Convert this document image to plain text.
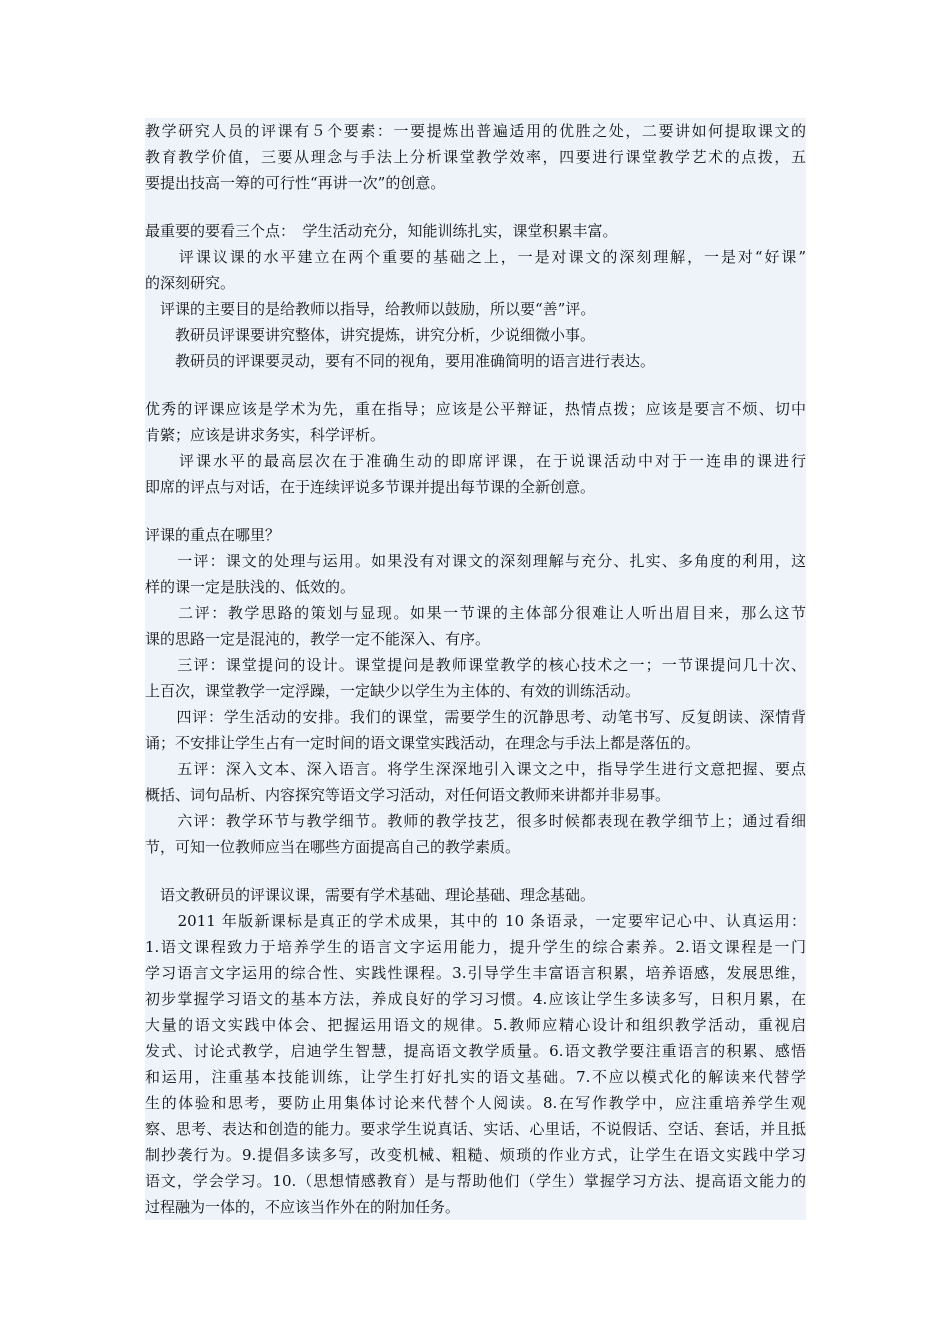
教学研究人员的评课有５个要素：一要提炼出普遍适用的优胜之处，二要讲如何提取课文的
教育教学价值，三要从理念与手法上分析课堂教学效率，四要进行课堂教学艺术的点拨，五
要提出技高一筹的可行性“再讲一次”的创意。
最重要的要看三个点：　学生活动充分，知能训练扎实，课堂积累丰富。
　　评课议课的水平建立在两个重要的基础之上，一是对课文的深刻理解，一是对“好课”
的深刻研究。
　评课的主要目的是给教师以指导，给教师以鼓励，所以要“善”评。
　　教研员评课要讲究整体，讲究提炼，讲究分析，少说细微小事。
　　教研员的评课要灵动，要有不同的视角，要用准确简明的语言进行表达。
优秀的评课应该是学术为先，重在指导；应该是公平辩证，热情点拨；应该是要言不烦、切中
肯綮；应该是讲求务实，科学评析。
　　评课水平的最高层次在于准确生动的即席评课，在于说课活动中对于一连串的课进行
即席的评点与对话，在于连续评说多节课并提出每节课的全新创意。
评课的重点在哪里？
　　一评：课文的处理与运用。如果没有对课文的深刻理解与充分、扎实、多角度的利用，这
样的课一定是肤浅的、低效的。
　　二评：教学思路的策划与显现。如果一节课的主体部分很难让人听出眉目来，那么这节
课的思路一定是混沌的，教学一定不能深入、有序。
　　三评：课堂提问的设计。课堂提问是教师课堂教学的核心技术之一；一节课提问几十次、
上百次，课堂教学一定浮躁，一定缺少以学生为主体的、有效的训练活动。
　　四评：学生活动的安排。我们的课堂，需要学生的沉静思考、动笔书写、反复朗读、深情背
诵；不安排让学生占有一定时间的语文课堂实践活动，在理念与手法上都是落伍的。
　　五评：深入文本、深入语言。将学生深深地引入课文之中，指导学生进行文意把握、要点
概括、词句品析、内容探究等语文学习活动，对任何语文教师来讲都并非易事。
　　六评：教学环节与教学细节。教师的教学技艺，很多时候都表现在教学细节上；通过看细
节，可知一位教师应当在哪些方面提高自己的教学素质。
　语文教研员的评课议课，需要有学术基础、理论基础、理念基础。
　　2011 年版新课标是真正的学术成果，其中的 10 条语录，一定要牢记心中、认真运用：
1.语文课程致力于培养学生的语言文字运用能力，提升学生的综合素养。2.语文课程是一门
学习语言文字运用的综合性、实践性课程。3.引导学生丰富语言积累，培养语感，发展思维，
初步掌握学习语文的基本方法，养成良好的学习习惯。4.应该让学生多读多写，日积月累，在
大量的语文实践中体会、把握运用语文的规律。5.教师应精心设计和组织教学活动，重视启
发式、讨论式教学，启迪学生智慧，提高语文教学质量。6.语文教学要注重语言的积累、感悟
和运用，注重基本技能训练，让学生打好扎实的语文基础。7.不应以模式化的解读来代替学
生的体验和思考，要防止用集体讨论来代替个人阅读。8.在写作教学中，应注重培养学生观
察、思考、表达和创造的能力。要求学生说真话、实话、心里话，不说假话、空话、套话，并且抵
制抄袭行为。9.提倡多读多写，改变机械、粗糙、烦琐的作业方式，让学生在语文实践中学习
语文，学会学习。10.（思想情感教育）是与帮助他们（学生）掌握学习方法、提高语文能力的
过程融为一体的，不应该当作外在的附加任务。
